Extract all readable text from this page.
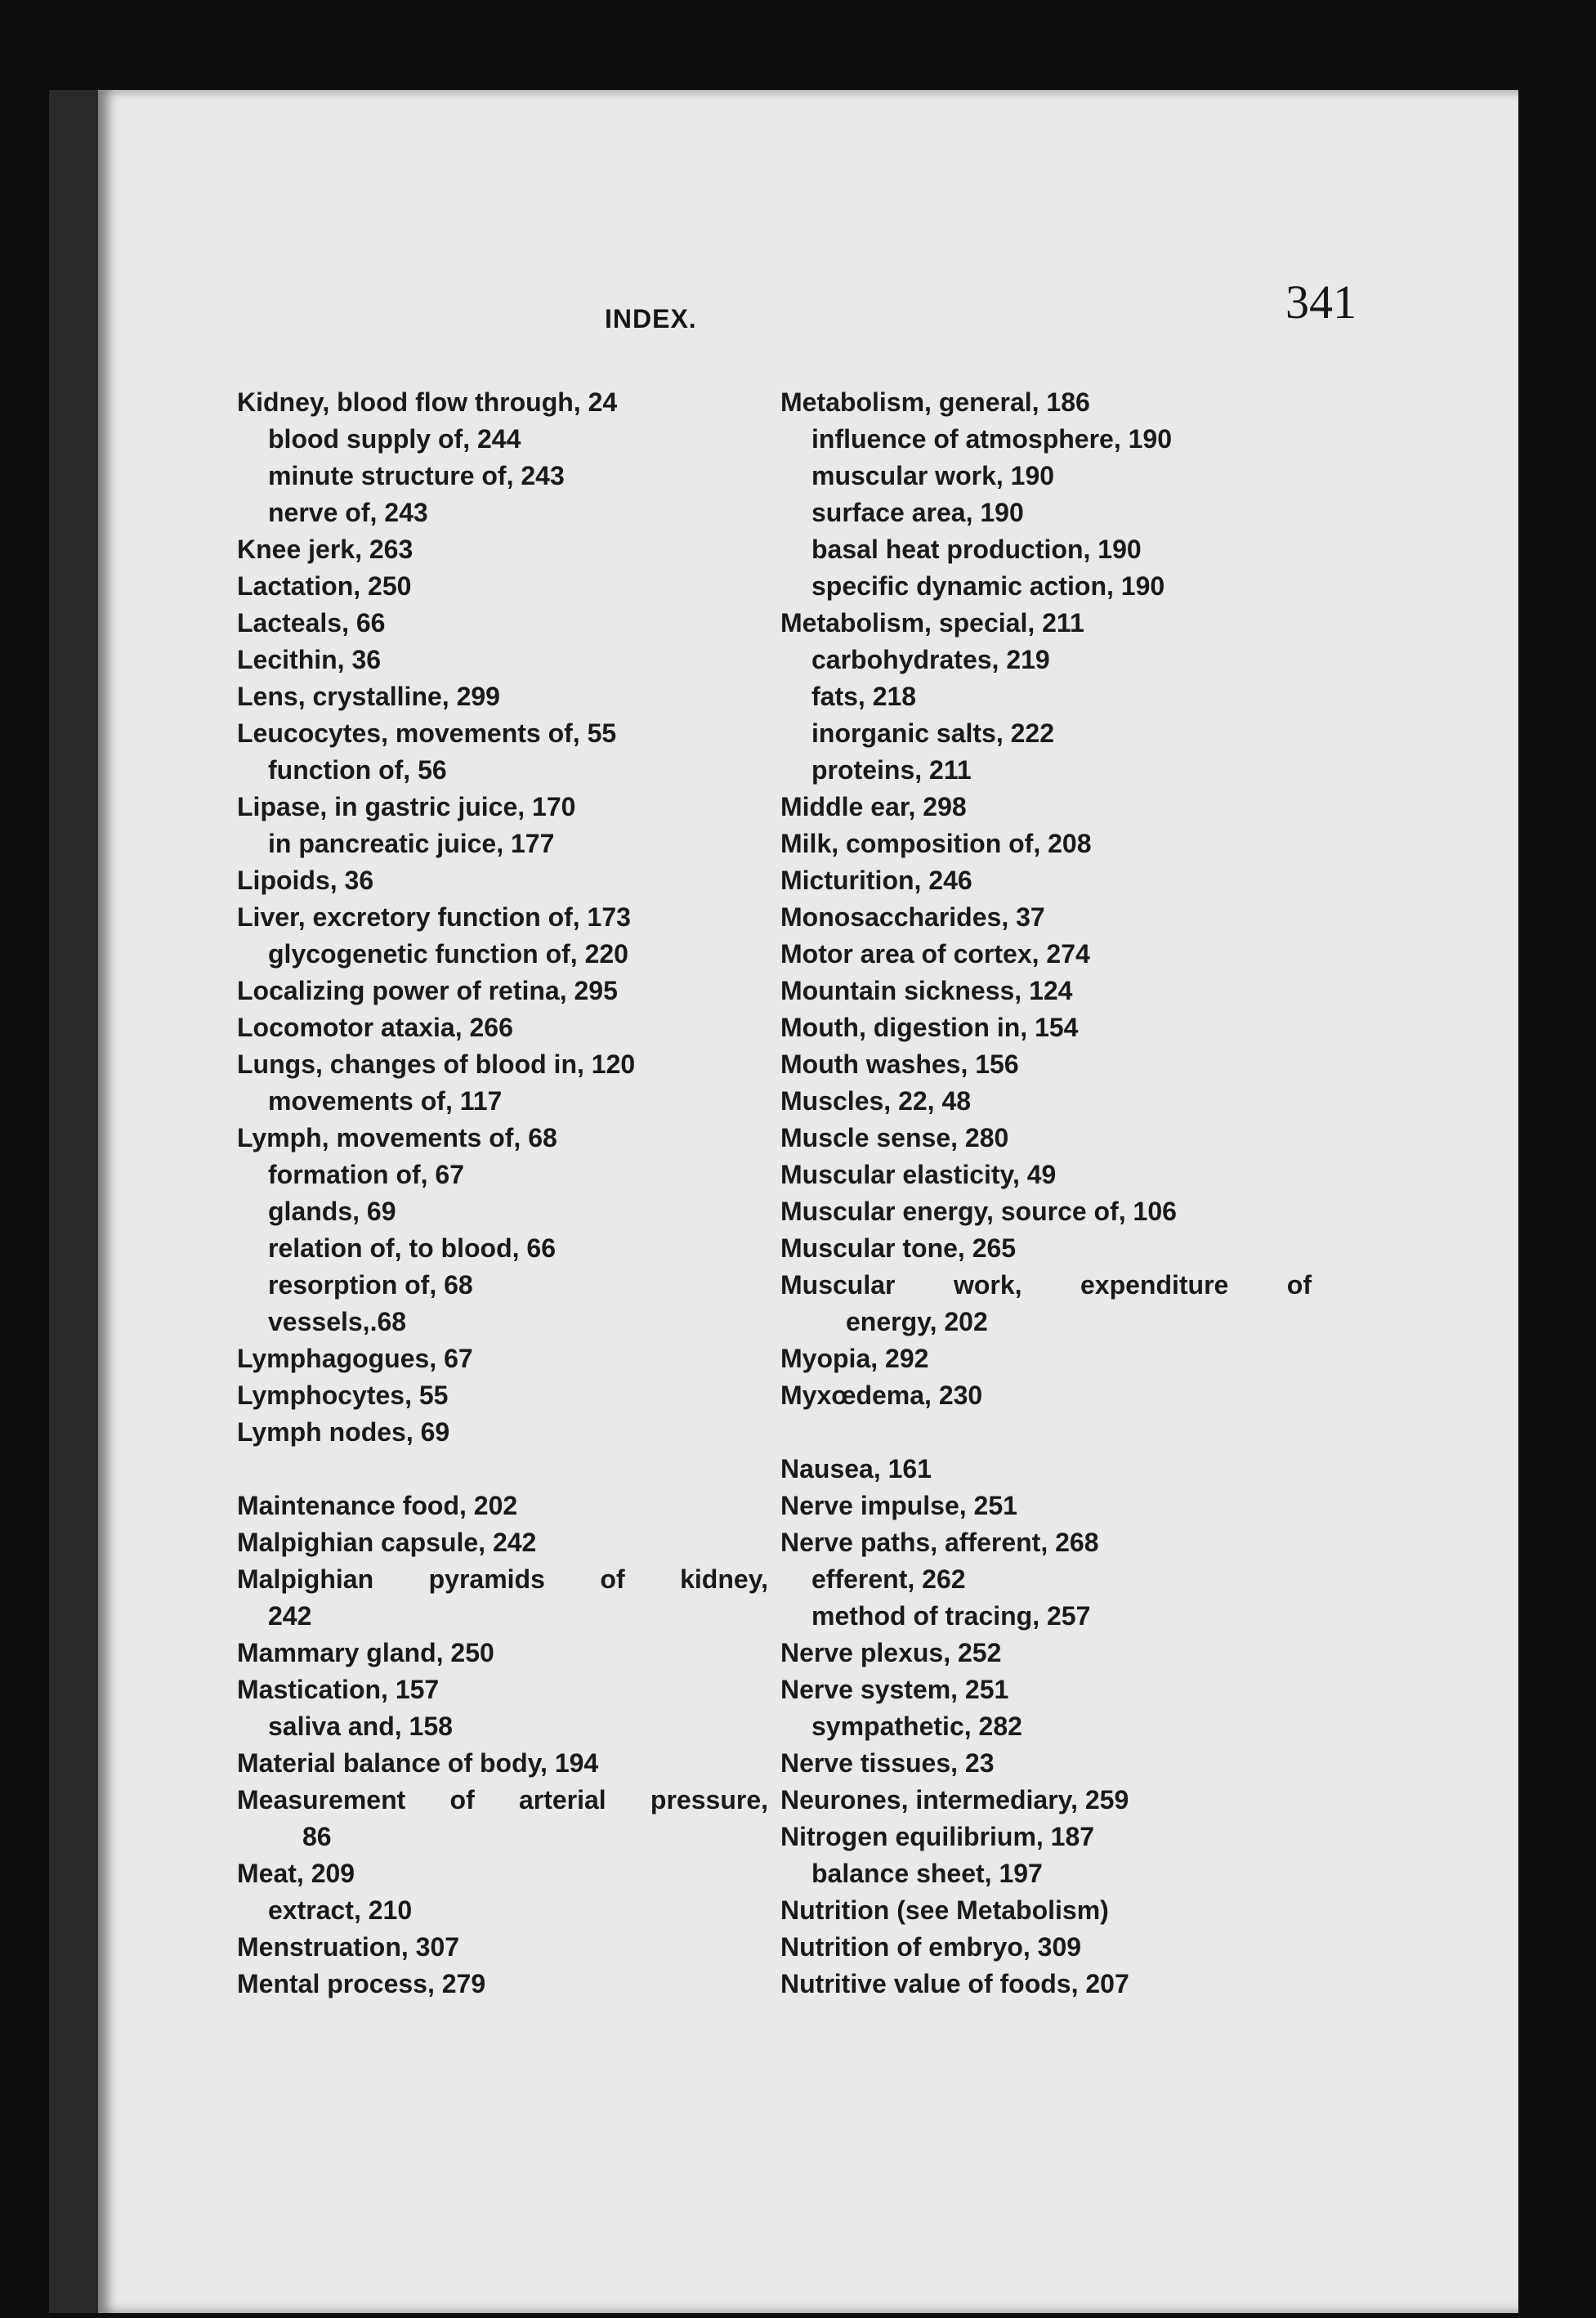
INDEX.	341
Kidney, blood flow through, 24
blood supply of, 244
minute structure of, 243
nerve of, 243
Knee jerk, 263
Lactation, 250
Lacteals, 66
Lecithin, 36
Lens, crystalline, 299
Leucocytes, movements of, 55
function of, 56
Lipase, in gastric juice, 170
in pancreatic juice, 177
Lipoids, 36
Liver, excretory function of, 173
glycogenetic function of, 220
Localizing power of retina, 295
Locomotor ataxia, 266
Lungs, changes of blood in, 120
movements of, 117
Lymph, movements of, 68
formation of, 67
glands, 69
relation of, to blood, 66
resorption of, 68
vessels,.68
Lymphagogues, 67
Lymphocytes, 55
Lymph nodes, 69
Maintenance food, 202
Malpighian capsule, 242
Malpighian pyramids of kidney,
242
Mammary gland, 250
Mastication, 157
saliva and, 158
Material balance of body, 194
Measurement of arterial pressure,
86
Meat, 209
extract, 210
Menstruation, 307
Mental process, 279
Metabolism, general, 186
influence of atmosphere, 190
muscular work, 190
surface area, 190
basal heat production, 190
specific dynamic action, 190
Metabolism, special, 211
carbohydrates, 219
fats, 218
inorganic salts, 222
proteins, 211
Middle ear, 298
Milk, composition of, 208
Micturition, 246
Monosaccharides, 37
Motor area of cortex, 274
Mountain sickness, 124
Mouth, digestion in, 154
Mouth washes, 156
Muscles, 22, 48
Muscle sense, 280
Muscular elasticity, 49
Muscular energy, source of, 106
Muscular tone, 265
Muscular work, expenditure of
energy, 202
Myopia, 292
Myxœdema, 230
Nausea, 161
Nerve impulse, 251
Nerve paths, afferent, 268
efferent, 262
method of tracing, 257
Nerve plexus, 252
Nerve system, 251
sympathetic, 282
Nerve tissues, 23
Neurones, intermediary, 259
Nitrogen equilibrium, 187
balance sheet, 197
Nutrition (see Metabolism)
Nutrition of embryo, 309
Nutritive value of foods, 207
